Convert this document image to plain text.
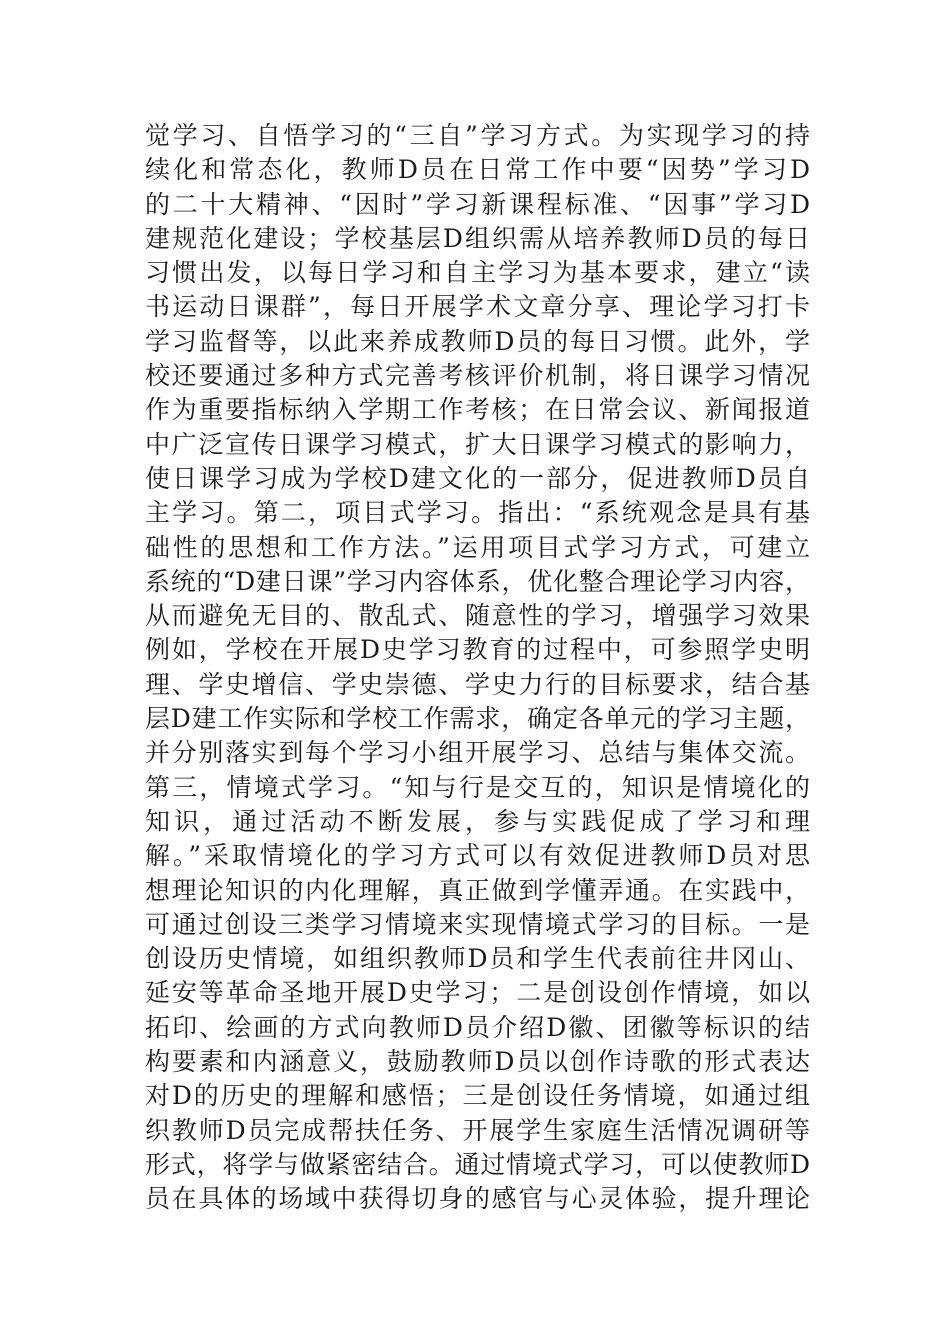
觉学习、自悟学习的“三自”学习方式。为实现学习的持
续化和常态化，教师D员在日常工作中要“因势”学习D
的二十大精神、“因时”学习新课程标准、“因事”学习D
建规范化建设；学校基层D组织需从培养教师D员的每日
习惯出发，以每日学习和自主学习为基本要求，建立“读
书运动日课群”，每日开展学术文章分享、理论学习打卡
学习监督等，以此来养成教师D员的每日习惯。此外，学
校还要通过多种方式完善考核评价机制，将日课学习情况
作为重要指标纳入学期工作考核；在日常会议、新闻报道
中广泛宣传日课学习模式，扩大日课学习模式的影响力，
使日课学习成为学校D建文化的一部分，促进教师D员自
主学习。第二，项目式学习。指出：“系统观念是具有基
础性的思想和工作方法。”运用项目式学习方式，可建立
系统的“D建日课”学习内容体系，优化整合理论学习内容，
从而避免无目的、散乱式、随意性的学习，增强学习效果
例如，学校在开展D史学习教育的过程中，可参照学史明
理、学史增信、学史崇德、学史力行的目标要求，结合基
层D建工作实际和学校工作需求，确定各单元的学习主题，
并分别落实到每个学习小组开展学习、总结与集体交流。
第三，情境式学习。“知与行是交互的，知识是情境化的
知识，通过活动不断发展，参与实践促成了学习和理
解。”采取情境化的学习方式可以有效促进教师D员对思
想理论知识的内化理解，真正做到学懂弄通。在实践中，
可通过创设三类学习情境来实现情境式学习的目标。一是
创设历史情境，如组织教师D员和学生代表前往井冈山、
延安等革命圣地开展D史学习；二是创设创作情境，如以
拓印、绘画的方式向教师D员介绍D徽、团徽等标识的结
构要素和内涵意义，鼓励教师D员以创作诗歌的形式表达
对D的历史的理解和感悟；三是创设任务情境，如通过组
织教师D员完成帮扶任务、开展学生家庭生活情况调研等
形式，将学与做紧密结合。通过情境式学习，可以使教师D
员在具体的场域中获得切身的感官与心灵体验，提升理论
